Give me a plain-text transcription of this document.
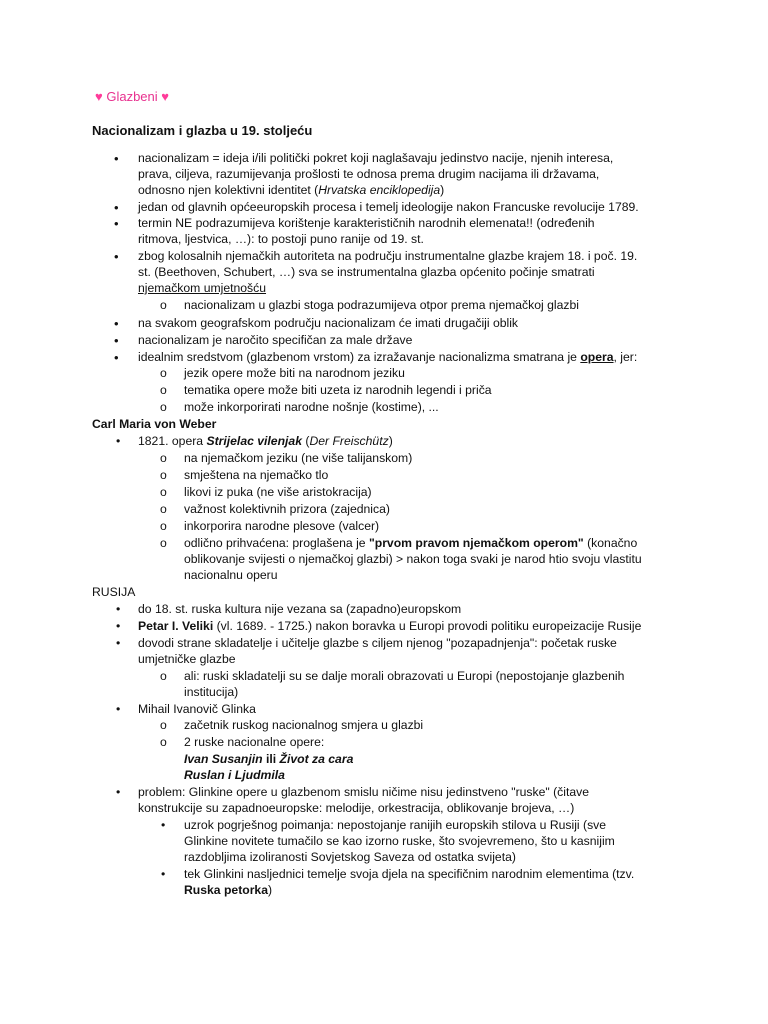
♥ Glazbeni ♥
Nacionalizam i glazba u 19. stoljeću
• nacionalizam = ideja i/ili politički pokret koji naglašavaju jedinstvo nacije, njenih interesa,
prava, ciljeva, razumijevanja prošlosti te odnosa prema drugim nacijama ili državama,
odnosno njen kolektivni identitet (Hrvatska enciklopedija)
• jedan od glavnih općeeuropskih procesa i temelj ideologije nakon Francuske revolucije 1789.
• termin NE podrazumijeva korištenje karakterističnih narodnih elemenata!! (određenih
ritmova, ljestvica, …): to postoji puno ranije od 19. st.
• zbog kolosalnih njemačkih autoriteta na području instrumentalne glazbe krajem 18. i poč. 19.
st. (Beethoven, Schubert, …) sva se instrumentalna glazba općenito počinje smatrati
njemačkom umjetnošću
o nacionalizam u glazbi stoga podrazumijeva otpor prema njemačkoj glazbi
• na svakom geografskom području nacionalizam će imati drugačiji oblik
• nacionalizam je naročito specifičan za male države
• idealnim sredstvom (glazbenom vrstom) za izražavanje nacionalizma smatrana je opera, jer:
o jezik opere može biti na narodnom jeziku
o tematika opere može biti uzeta iz narodnih legendi i priča
o može inkorporirati narodne nošnje (kostime), ...
Carl Maria von Weber
• 1821. opera Strijelac vilenjak (Der Freischütz)
o na njemačkom jeziku (ne više talijanskom)
o smještena na njemačko tlo
o likovi iz puka (ne više aristokracija)
o važnost kolektivnih prizora (zajednica)
o inkorporira narodne plesove (valcer)
o odlično prihvaćena: proglašena je "prvom pravom njemačkom operom" (konačno
oblikovanje svijesti o njemačkoj glazbi) > nakon toga svaki je narod htio svoju vlastitu
nacionalnu operu
RUSIJA
• do 18. st. ruska kultura nije vezana sa (zapadno)europskom
• Petar I. Veliki (vl. 1689. - 1725.) nakon boravka u Europi provodi politiku europeizacije Rusije
• dovodi strane skladatelje i učitelje glazbe s ciljem njenog "pozapadnjenja": početak ruske
umjetničke glazbe
o ali: ruski skladatelji su se dalje morali obrazovati u Europi (nepostojanje glazbenih
institucija)
• Mihail Ivanovič Glinka
o začetnik ruskog nacionalnog smjera u glazbi
o 2 ruske nacionalne opere:
Ivan Susanjin ili Život za cara
Ruslan i Ljudmila
• problem: Glinkine opere u glazbenom smislu ničime nisu jedinstveno "ruske" (čitave
konstrukcije su zapadnoeuropske: melodije, orkestracija, oblikovanje brojeva, …)
• uzrok pogrješnog poimanja: nepostojanje ranijih europskih stilova u Rusiji (sve
Glinkine novitete tumačilo se kao izorno ruske, što svojevremeno, što u kasnijim
razdobljima izoliranosti Sovjetskog Saveza od ostatka svijeta)
• tek Glinkini nasljednici temelje svoja djela na specifičnim narodnim elementima (tzv.
Ruska petorka)
